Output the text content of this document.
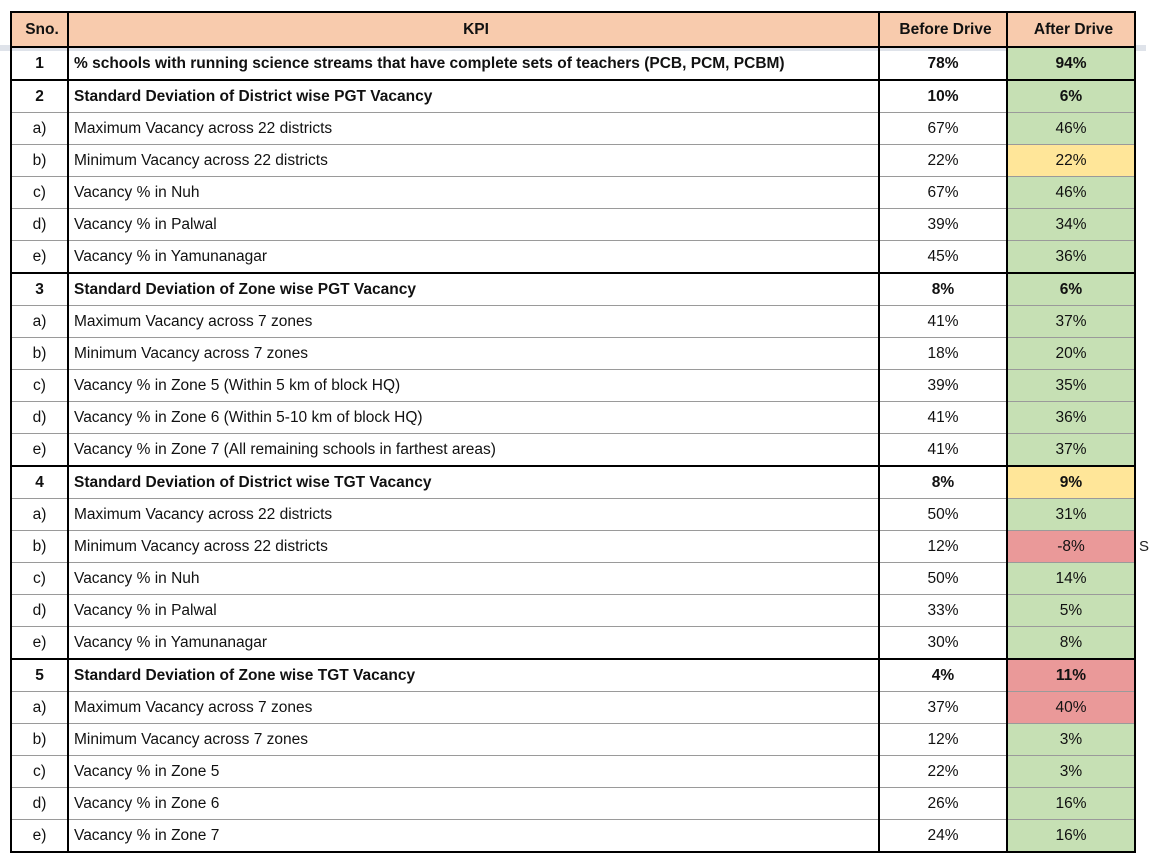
Sno.	KPI	Before Drive	After Drive
1	% schools with running science streams that have complete sets of teachers (PCB, PCM, PCBM)	78%	94%
2	Standard Deviation of District wise PGT Vacancy	10%	6%
a)	Maximum Vacancy across 22 districts	67%	46%
b)	Minimum Vacancy across 22 districts	22%	22%
c)	Vacancy % in Nuh	67%	46%
d)	Vacancy % in Palwal	39%	34%
e)	Vacancy % in Yamunanagar	45%	36%
3	Standard Deviation of Zone wise PGT Vacancy	8%	6%
a)	Maximum Vacancy across 7 zones	41%	37%
b)	Minimum Vacancy across 7 zones	18%	20%
c)	Vacancy % in Zone 5 (Within 5 km of block HQ)	39%	35%
d)	Vacancy % in Zone 6 (Within 5-10 km of block HQ)	41%	36%
e)	Vacancy % in Zone 7 (All remaining schools in farthest areas)	41%	37%
4	Standard Deviation of District wise TGT Vacancy	8%	9%
a)	Maximum Vacancy across 22 districts	50%	31%
b)	Minimum Vacancy across 22 districts	12%	-8%
c)	Vacancy % in Nuh	50%	14%
d)	Vacancy % in Palwal	33%	5%
e)	Vacancy % in Yamunanagar	30%	8%
5	Standard Deviation of Zone wise TGT Vacancy	4%	11%
a)	Maximum Vacancy across 7 zones	37%	40%
b)	Minimum Vacancy across 7 zones	12%	3%
c)	Vacancy % in Zone 5	22%	3%
d)	Vacancy % in Zone 6	26%	16%
e)	Vacancy % in Zone 7	24%	16%
S
